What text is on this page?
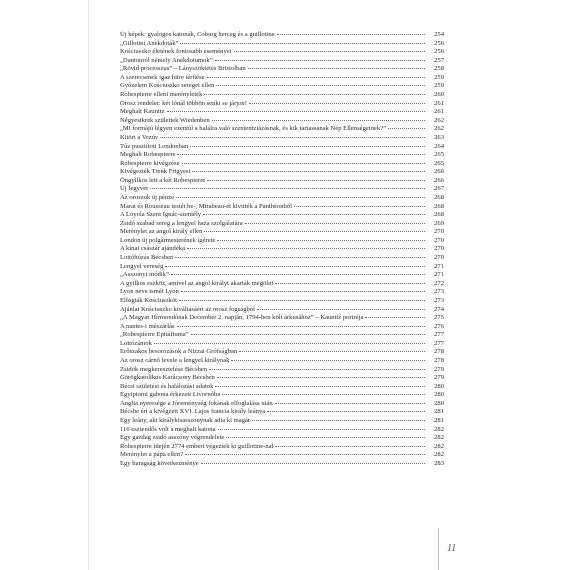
Új képek: gyalogos katonák, Coburg herceg és a guillotine	254
„Gillotini Anekdoták”	256
Kościuszko életének fontosabb eseményei	256
„Dantonról némely Anekdotumok”	257
„Rövid processzus” – Lányszöktetés Bristolban	258
A szerecsenek igaz hitre térítése	259
Győzelem Kościuszko seregei ellen	259
Robespierre elleni merényletek	260
Orosz rendelet: két lónál többön senki se járjon!	261
Meghalt Kaunitz	261
Négyesikrek születtek Wiedenben	262
„Mi formájú légyen ezentúl a halálra való szententziázásnak, és kik tartassanak Nép Ellenségeinek?”	262
Kitört a Vezúv	263
Tűz pusztított Londonban	264
Meghalt Robespierre	265
Robespierre kivégzése	265
Kivégezték Trenk Frigyest	266
Öngyilkos lett a két Robespierre	266
Új fegyver	267
Az oroszok új pénze	268
Marat és Rousseau testét be-, Mirabeau-ét kivitték a Panthéonból	268
A Loyola Szent Ignác-szentély	268
Zsidó szabad sereg a lengyel haza szolgálatára	269
Merénylet az angol király ellen	270
London új polgármesterének ígérete	270
A kínai császár ajándéka	270
Lottóhúzás Bécsben	270
Lengyel vereség	271
„Asszonyi módik”	271
A gyilkos eszköz, amivel az angol királyt akarták megölni	272
Lyon neve ismét Lyon	273
Elfogták Kościuszkót	273
Ajánlat Kościuszko kiváltásáért az orosz fogságból	274
„A Magyar Hírmondónak December 2. napján, 1794-ben költ árkusához” – Kaunitz portréja	275
A nantes-i mészárlás	276
„Robespierre Epitáfiuma”	277
Lottózámok	277
Erőszakos besorozások a Nizzai Grófságban	278
Az orosz cárnő levele a lengyel királynak	278
Zsidók megkeresztelése Bécsben	279
Görögkatolikus Karácsony Bécsben	279
Bécsi születési és halálozási adatok	280
Egyiptomi gabona érkezett Livornóba	280
Anglia nyeresége a Jóreménység fokának elfoglalása után	280
Bécsbe ért a kivégzett XVI. Lajos francia király leánya	281
Egy leány, aki királykisasszonynak adta ki magát	281
116 esztendős volt a meghalt katona	282
Egy gazdag zsidó asszony végrendelete	282
Robespierre idején 2774 embert végeztek ki guillotine-nal	282
Merénylet a pápa ellen?	282
Egy haragság következménye	283
11
